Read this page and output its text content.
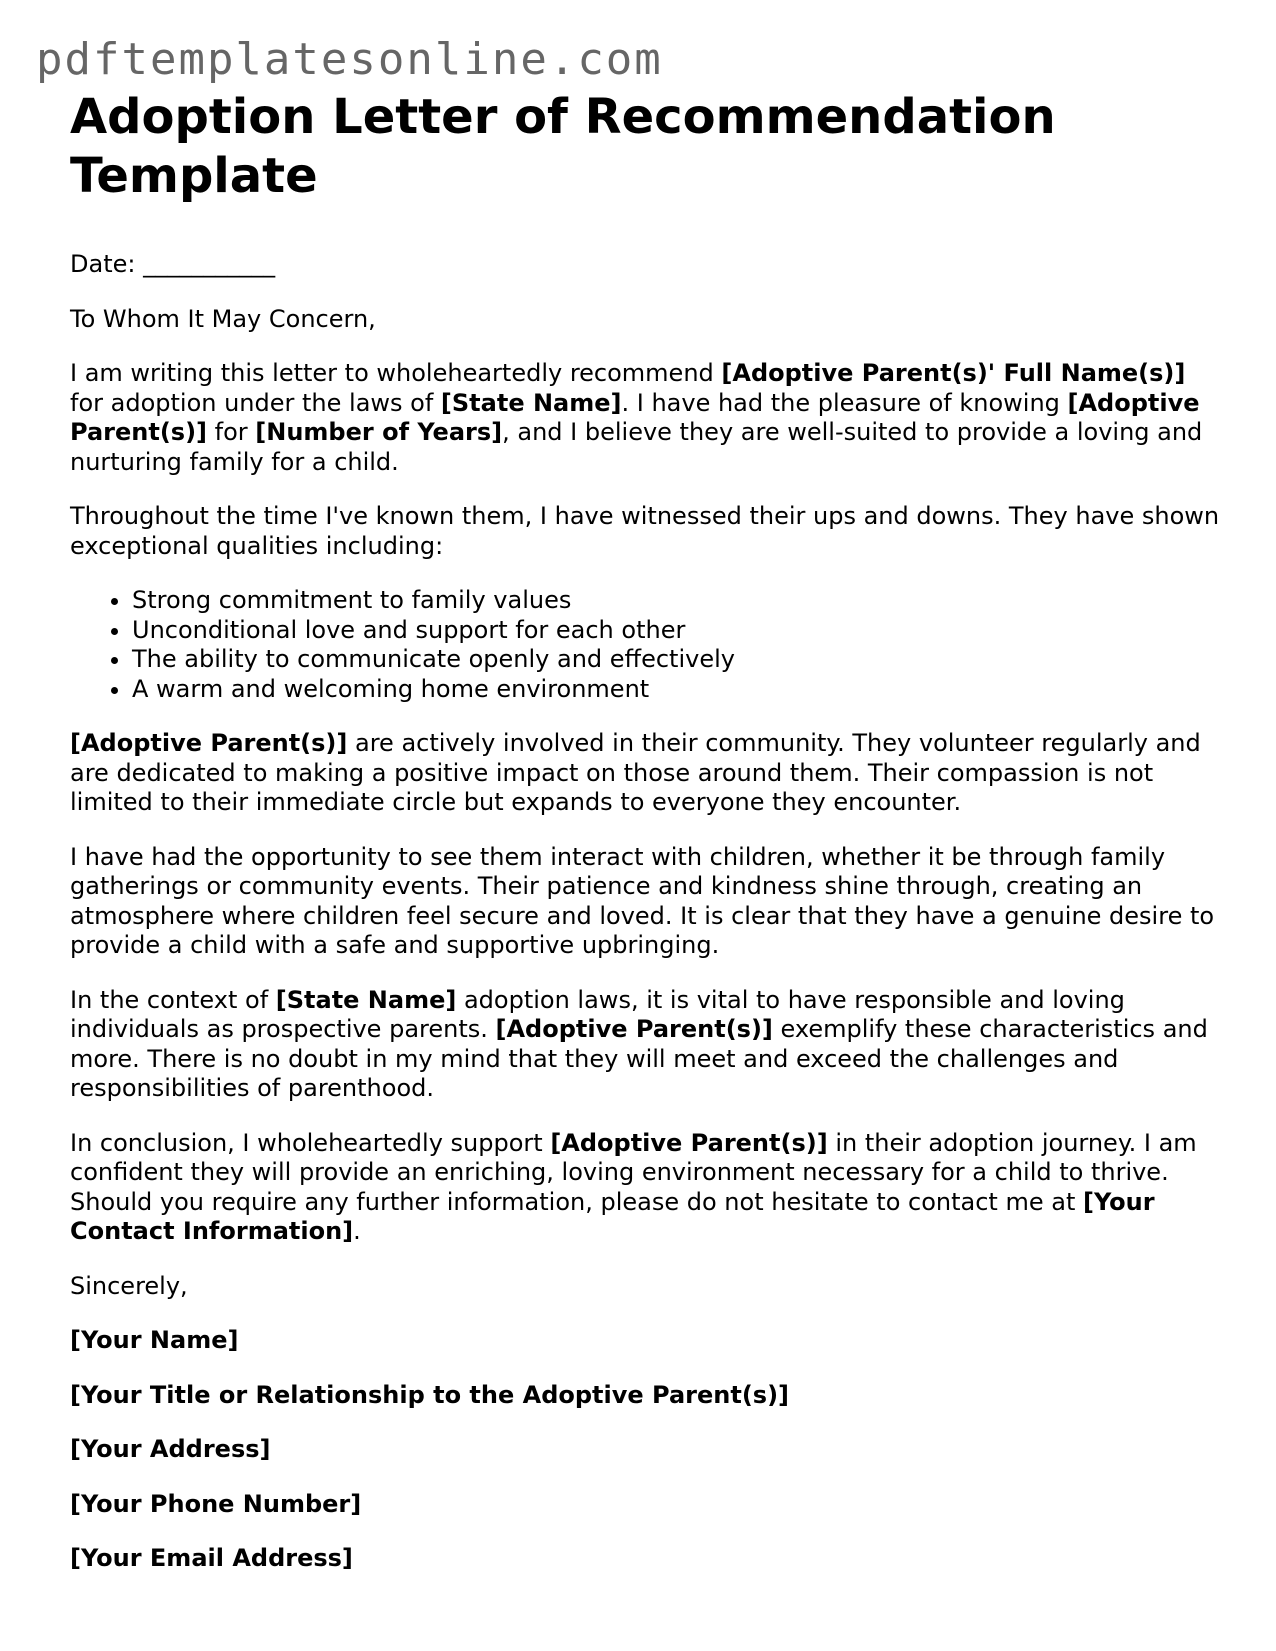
pdftemplatesonline.com
Adoption Letter of Recommendation Template

Date: ___________

To Whom It May Concern,

I am writing this letter to wholeheartedly recommend [Adoptive Parent(s)' Full Name(s)] for adoption under the laws of [State Name]. I have had the pleasure of knowing [Adoptive Parent(s)] for [Number of Years], and I believe they are well-suited to provide a loving and nurturing family for a child.

Throughout the time I've known them, I have witnessed their ups and downs. They have shown exceptional qualities including:

• Strong commitment to family values
• Unconditional love and support for each other
• The ability to communicate openly and effectively
• A warm and welcoming home environment

[Adoptive Parent(s)] are actively involved in their community. They volunteer regularly and are dedicated to making a positive impact on those around them. Their compassion is not limited to their immediate circle but expands to everyone they encounter.

I have had the opportunity to see them interact with children, whether it be through family gatherings or community events. Their patience and kindness shine through, creating an atmosphere where children feel secure and loved. It is clear that they have a genuine desire to provide a child with a safe and supportive upbringing.

In the context of [State Name] adoption laws, it is vital to have responsible and loving individuals as prospective parents. [Adoptive Parent(s)] exemplify these characteristics and more. There is no doubt in my mind that they will meet and exceed the challenges and responsibilities of parenthood.

In conclusion, I wholeheartedly support [Adoptive Parent(s)] in their adoption journey. I am confident they will provide an enriching, loving environment necessary for a child to thrive. Should you require any further information, please do not hesitate to contact me at [Your Contact Information].

Sincerely,

[Your Name]

[Your Title or Relationship to the Adoptive Parent(s)]

[Your Address]

[Your Phone Number]

[Your Email Address]
